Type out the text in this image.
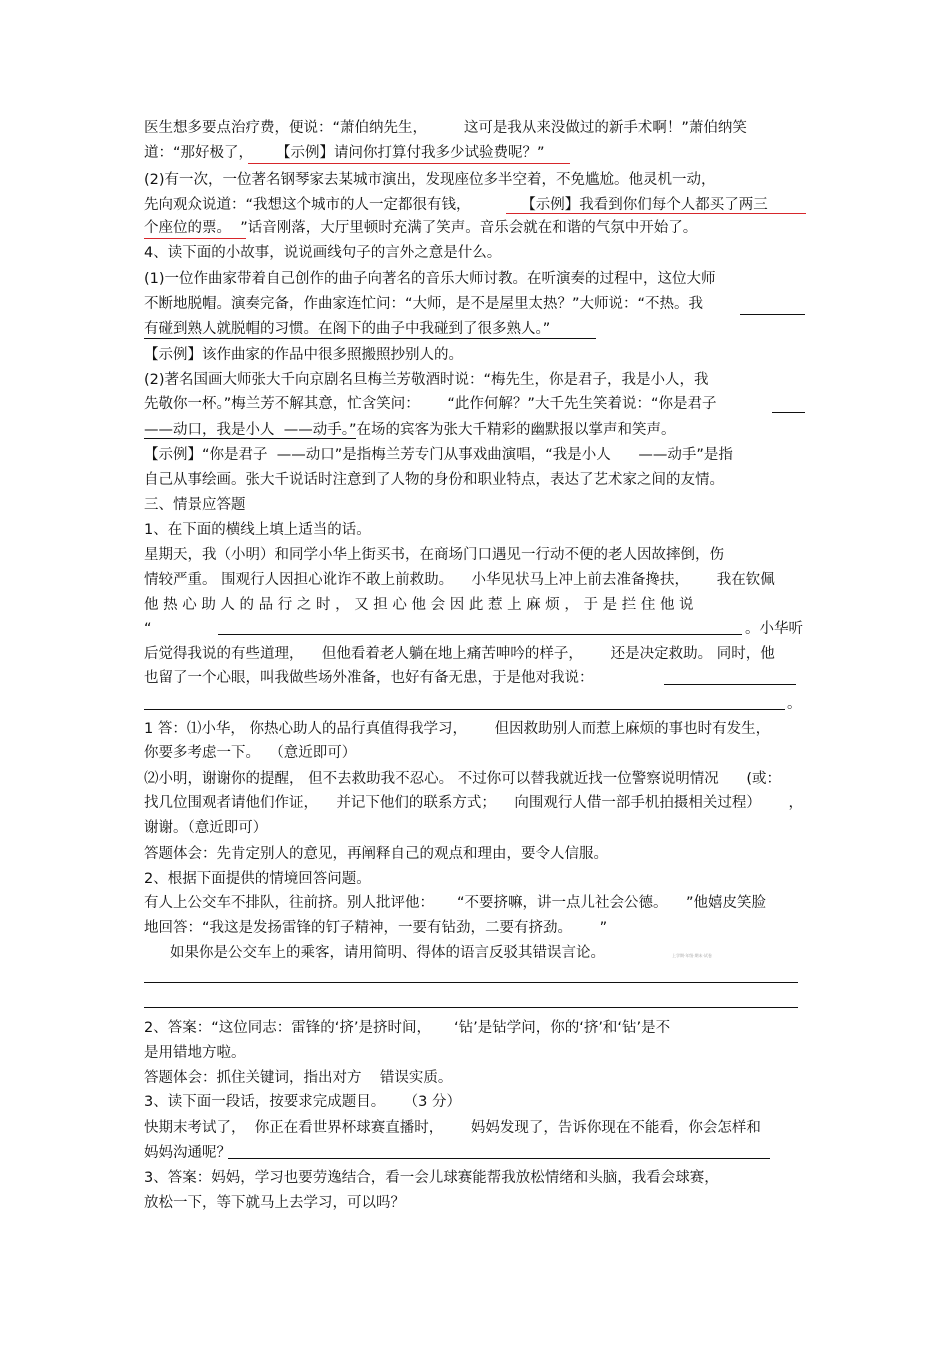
医生想多要点治疗费，便说：“萧伯纳先生，        这可是我从来没做过的新手术啊！”萧伯纳笑
道：“那好极了，     【示例】请问你打算付我多少试验费呢？”
(2)有一次，一位著名钢琴家去某城市演出，发现座位多半空着，不免尴尬。他灵机一动，
先向观众说道：“我想这个城市的人一定都很有钱，           【示例】我看到你们每个人都买了两三
个座位的票。  ”话音刚落，大厅里顿时充满了笑声。音乐会就在和谐的气氛中开始了。
4、读下面的小故事，说说画线句子的言外之意是什么。
(1)一位作曲家带着自己创作的曲子向著名的音乐大师讨教。在听演奏的过程中，这位大师
不断地脱帽。演奏完备，作曲家连忙问：“大师，是不是屋里太热？”大师说：“不热。我
有碰到熟人就脱帽的习惯。在阁下的曲子中我碰到了很多熟人。”
【示例】该作曲家的作品中很多照搬照抄别人的。
(2)著名国画大师张大千向京剧名旦梅兰芳敬酒时说：“梅先生，你是君子，我是小人，我
先敬你一杯。”梅兰芳不解其意，忙含笑问：      “此作何解？”大千先生笑着说：“你是君子
——动口，我是小人  ——动手。”在场的宾客为张大千精彩的幽默报以掌声和笑声。
【示例】“你是君子  ——动口”是指梅兰芳专门从事戏曲演唱，“我是小人      ——动手”是指
自己从事绘画。张大千说话时注意到了人物的身份和职业特点，表达了艺术家之间的友情。
三、情景应答题
1、在下面的横线上填上适当的话。
星期天，我（小明）和同学小华上街买书，在商场门口遇见一行动不便的老人因故摔倒，伤
情较严重。 围观行人因担心讹诈不敢上前救助。    小华见状马上冲上前去准备搀扶，      我在钦佩
他 热 心 助 人 的 品 行 之 时 ， 又 担 心 他 会 因 此 惹 上 麻 烦 ， 于 是 拦 住 他 说
“	。小华听
后觉得我说的有些道理，    但他看着老人躺在地上痛苦呻吟的样子，      还是决定救助。 同时，他
也留了一个心眼，叫我做些场外准备，也好有备无患，于是他对我说：
。
1 答：⑴小华， 你热心助人的品行真值得我学习，      但因救助别人而惹上麻烦的事也时有发生，
你要多考虑一下。  （意近即可）
⑵小明，谢谢你的提醒， 但不去救助我不忍心。 不过你可以替我就近找一位警察说明情况      (或：
找几位围观者请他们作证，    并记下他们的联系方式；    向围观行人借一部手机拍摄相关过程）      ，
谢谢。（意近即可）
答题体会：先肯定别人的意见，再阐释自己的观点和理由，要令人信服。
2、根据下面提供的情境回答问题。
有人上公交车不排队，往前挤。别人批评他：     “不要挤嘛，讲一点儿社会公德。    ”他嬉皮笑脸
地回答：“我这是发扬雷锋的钉子精神，一要有钻劲，二要有挤劲。      ”
如果你是公交车上的乘客，请用简明、得体的语言反驳其错误言论。
2、答案：“这位同志：雷锋的‘挤’是挤时间，     ‘钻’是钻学问，你的‘挤’和‘钻’是不
是用错地方啦。
答题体会：抓住关键词，指出对方    错误实质。
3、读下面一段话，按要求完成题目。    （3 分）
快期末考试了，  你正在看世界杯球赛直播时，      妈妈发现了，告诉你现在不能看，你会怎样和
妈妈沟通呢？
3、答案：妈妈，学习也要劳逸结合，看一会儿球赛能帮我放松情绪和头脑，我看会球赛，
放松一下，等下就马上去学习，可以吗？
上学期·年级·期末·试卷
